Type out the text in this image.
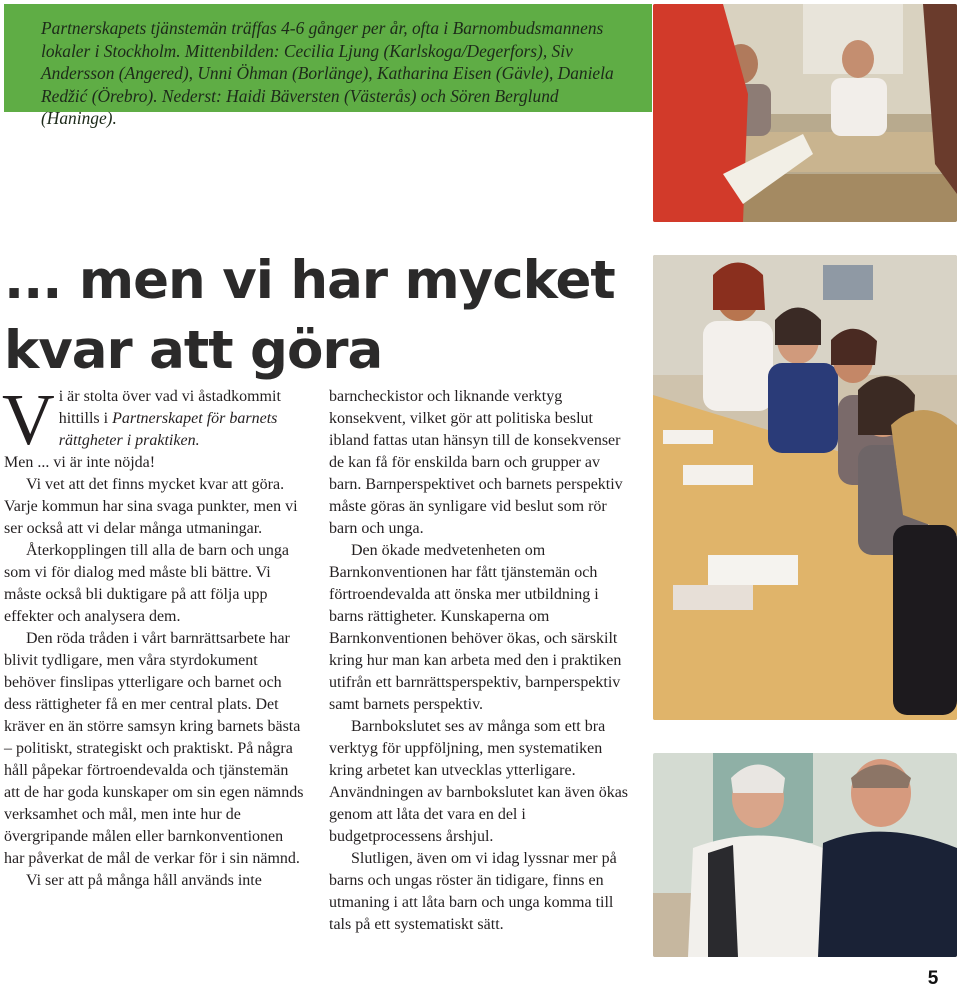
Partnerskapets tjänstemän träffas 4-6 gånger per år, ofta i Barnombudsmannens lokaler i Stockholm. Mittenbilden: Cecilia Ljung (Karlskoga/Degerfors), Siv Andersson (Angered), Unni Öhman (Borlänge), Katharina Eisen (Gävle), Daniela Redžić (Örebro). Nederst: Haidi Bäversten (Västerås) och Sören Berglund (Haninge).

... men vi har mycket
kvar att göra

Vi är stolta över vad vi åstadkommit hittills i Partnerskapet för barnets rättgheter i praktiken.

Men ... vi är inte nöjda!

Vi vet att det finns mycket kvar att göra. Varje kommun har sina svaga punkter, men vi ser också att vi delar många utmaningar.

Återkopplingen till alla de barn och unga som vi för dialog med måste bli bättre. Vi måste också bli duktigare på att följa upp effekter och analysera dem.

Den röda tråden i vårt barnrättsarbete har blivit tydligare, men våra styrdokument behöver finslipas ytterligare och barnet och dess rättigheter få en mer central plats. Det kräver en än större samsyn kring barnets bästa – politiskt, strategiskt och praktiskt. På några håll påpekar förtroendevalda och tjänstemän att de har goda kunskaper om sin egen nämnds verksamhet och mål, men inte hur de övergripande målen eller barnkonventionen har påverkat de mål de verkar för i sin nämnd.

Vi ser att på många håll används inte

barncheckistor och liknande verktyg konsekvent, vilket gör att politiska beslut ibland fattas utan hänsyn till de konsekvenser de kan få för enskilda barn och grupper av barn. Barnperspektivet och barnets perspektiv måste göras än synligare vid beslut som rör barn och unga.

Den ökade medvetenheten om Barnkonventionen har fått tjänstemän och förtroendevalda att önska mer utbildning i barns rättigheter. Kunskaperna om Barnkonventionen behöver ökas, och särskilt kring hur man kan arbeta med den i praktiken utifrån ett barnrättsperspektiv, barnperspektiv samt barnets perspektiv.

Barnbokslutet ses av många som ett bra verktyg för uppföljning, men systematiken kring arbetet kan utvecklas ytterligare. Användningen av barnbokslutet kan även ökas genom att låta det vara en del i budgetprocessens årshjul.

Slutligen, även om vi idag lyssnar mer på barns och ungas röster än tidigare, finns en utmaning i att låta barn och unga komma till tals på ett systematiskt sätt.

5
